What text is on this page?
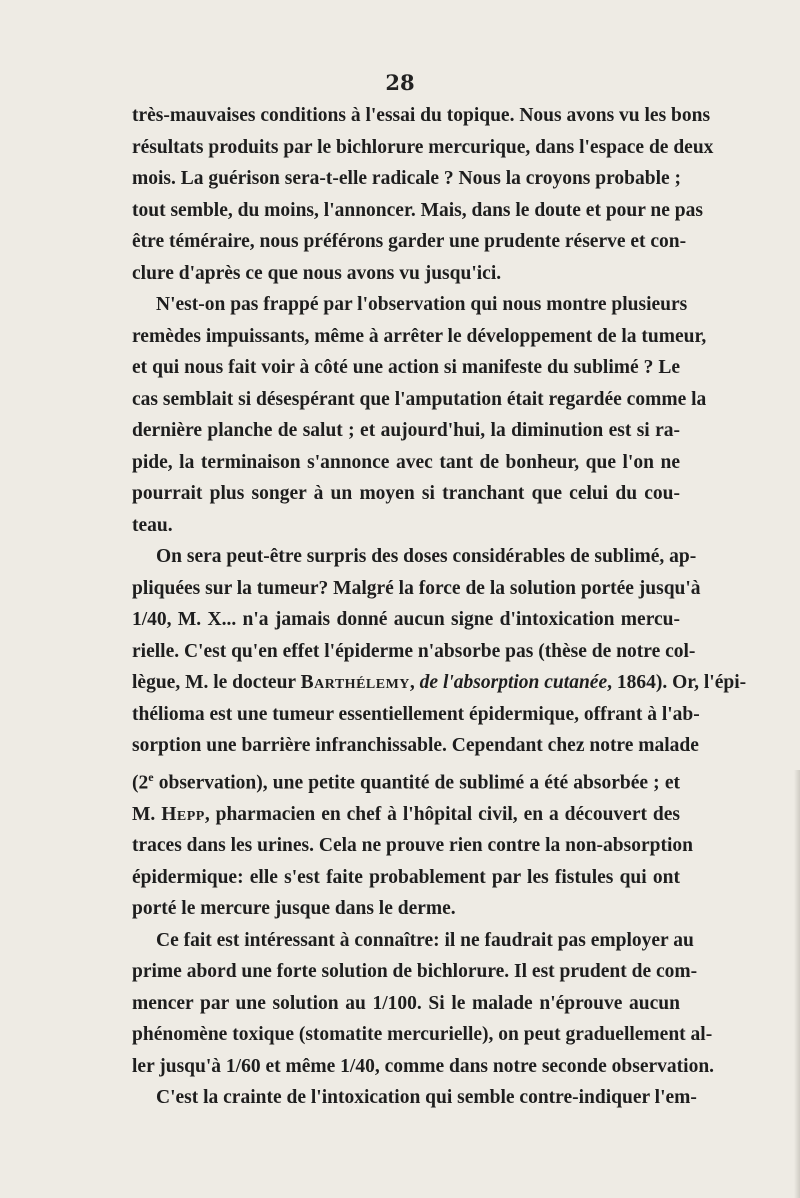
28

très-mauvaises conditions à l'essai du topique. Nous avons vu les bons
résultats produits par le bichlorure mercurique, dans l'espace de deux
mois. La guérison sera-t-elle radicale ? Nous la croyons probable ;
tout semble, du moins, l'annoncer. Mais, dans le doute et pour ne pas
être téméraire, nous préférons garder une prudente réserve et con-
clure d'après ce que nous avons vu jusqu'ici.

N'est-on pas frappé par l'observation qui nous montre plusieurs
remèdes impuissants, même à arrêter le développement de la tumeur,
et qui nous fait voir à côté une action si manifeste du sublimé ? Le
cas semblait si désespérant que l'amputation était regardée comme la
dernière planche de salut ; et aujourd'hui, la diminution est si ra-
pide, la terminaison s'annonce avec tant de bonheur, que l'on ne
pourrait plus songer à un moyen si tranchant que celui du cou-
teau.

On sera peut-être surpris des doses considérables de sublimé, ap-
pliquées sur la tumeur? Malgré la force de la solution portée jusqu'à
1/40, M. X... n'a jamais donné aucun signe d'intoxication mercu-
rielle. C'est qu'en effet l'épiderme n'absorbe pas (thèse de notre col-
lègue, M. le docteur Barthélemy, de l'absorption cutanée, 1864). Or, l'épi-
thélioma est une tumeur essentiellement épidermique, offrant à l'ab-
sorption une barrière infranchissable. Cependant chez notre malade
(2e observation), une petite quantité de sublimé a été absorbée ; et
M. Hepp, pharmacien en chef à l'hôpital civil, en a découvert des
traces dans les urines. Cela ne prouve rien contre la non-absorption
épidermique: elle s'est faite probablement par les fistules qui ont
porté le mercure jusque dans le derme.

Ce fait est intéressant à connaître: il ne faudrait pas employer au
prime abord une forte solution de bichlorure. Il est prudent de com-
mencer par une solution au 1/100. Si le malade n'éprouve aucun
phénomène toxique (stomatite mercurielle), on peut graduellement al-
ler jusqu'à 1/60 et même 1/40, comme dans notre seconde observation.
C'est la crainte de l'intoxication qui semble contre-indiquer l'em-
